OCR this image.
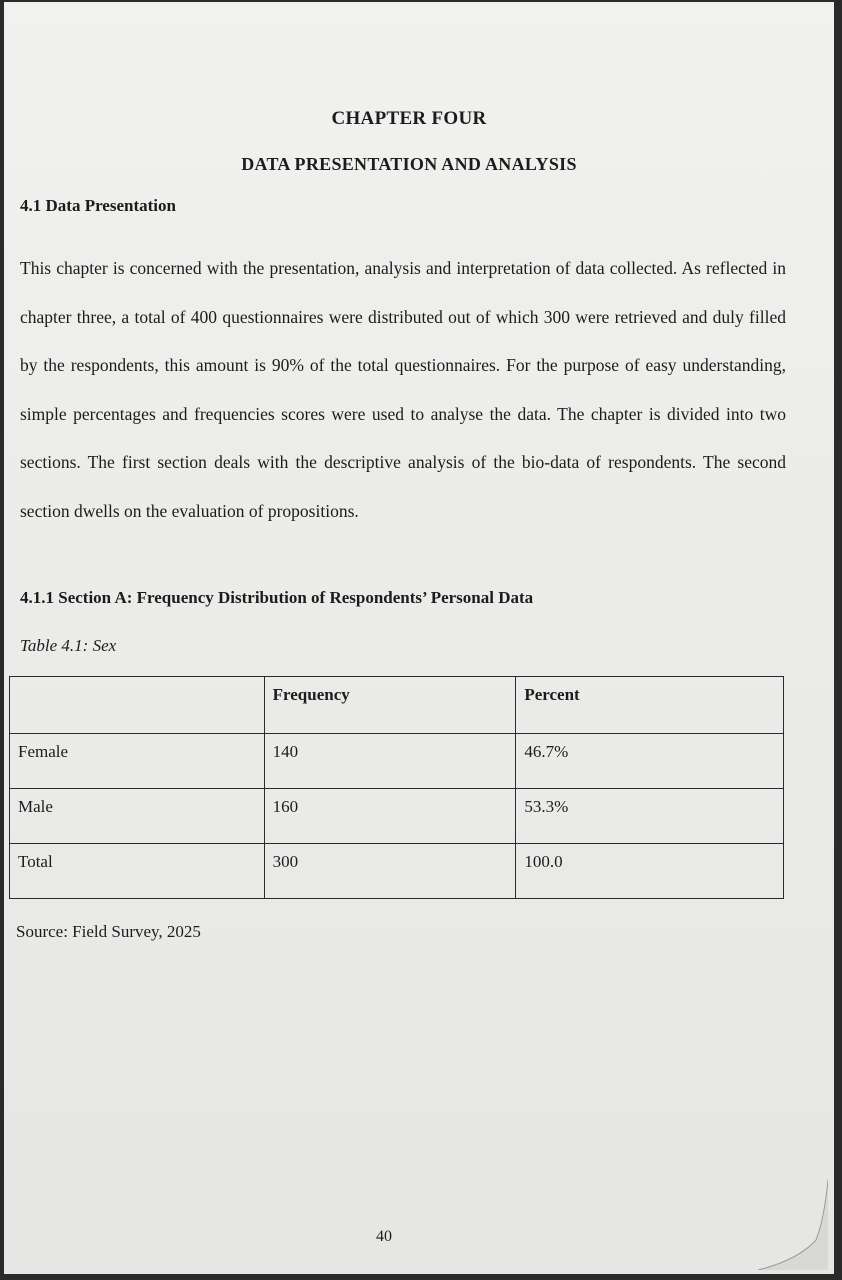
CHAPTER FOUR
DATA PRESENTATION AND ANALYSIS
4.1 Data Presentation

This chapter is concerned with the presentation, analysis and interpretation of data collected. As reflected in chapter three, a total of 400 questionnaires were distributed out of which 300 were retrieved and duly filled by the respondents, this amount is 90% of the total questionnaires. For the purpose of easy understanding, simple percentages and frequencies scores were used to analyse the data. The chapter is divided into two sections. The first section deals with the descriptive analysis of the bio-data of respondents. The second section dwells on the evaluation of propositions.

4.1.1 Section A: Frequency Distribution of Respondents’ Personal Data
Table 4.1: Sex
	Frequency	Percent
Female	140	46.7%
Male	160	53.3%
Total	300	100.0
Source: Field Survey, 2025
40
